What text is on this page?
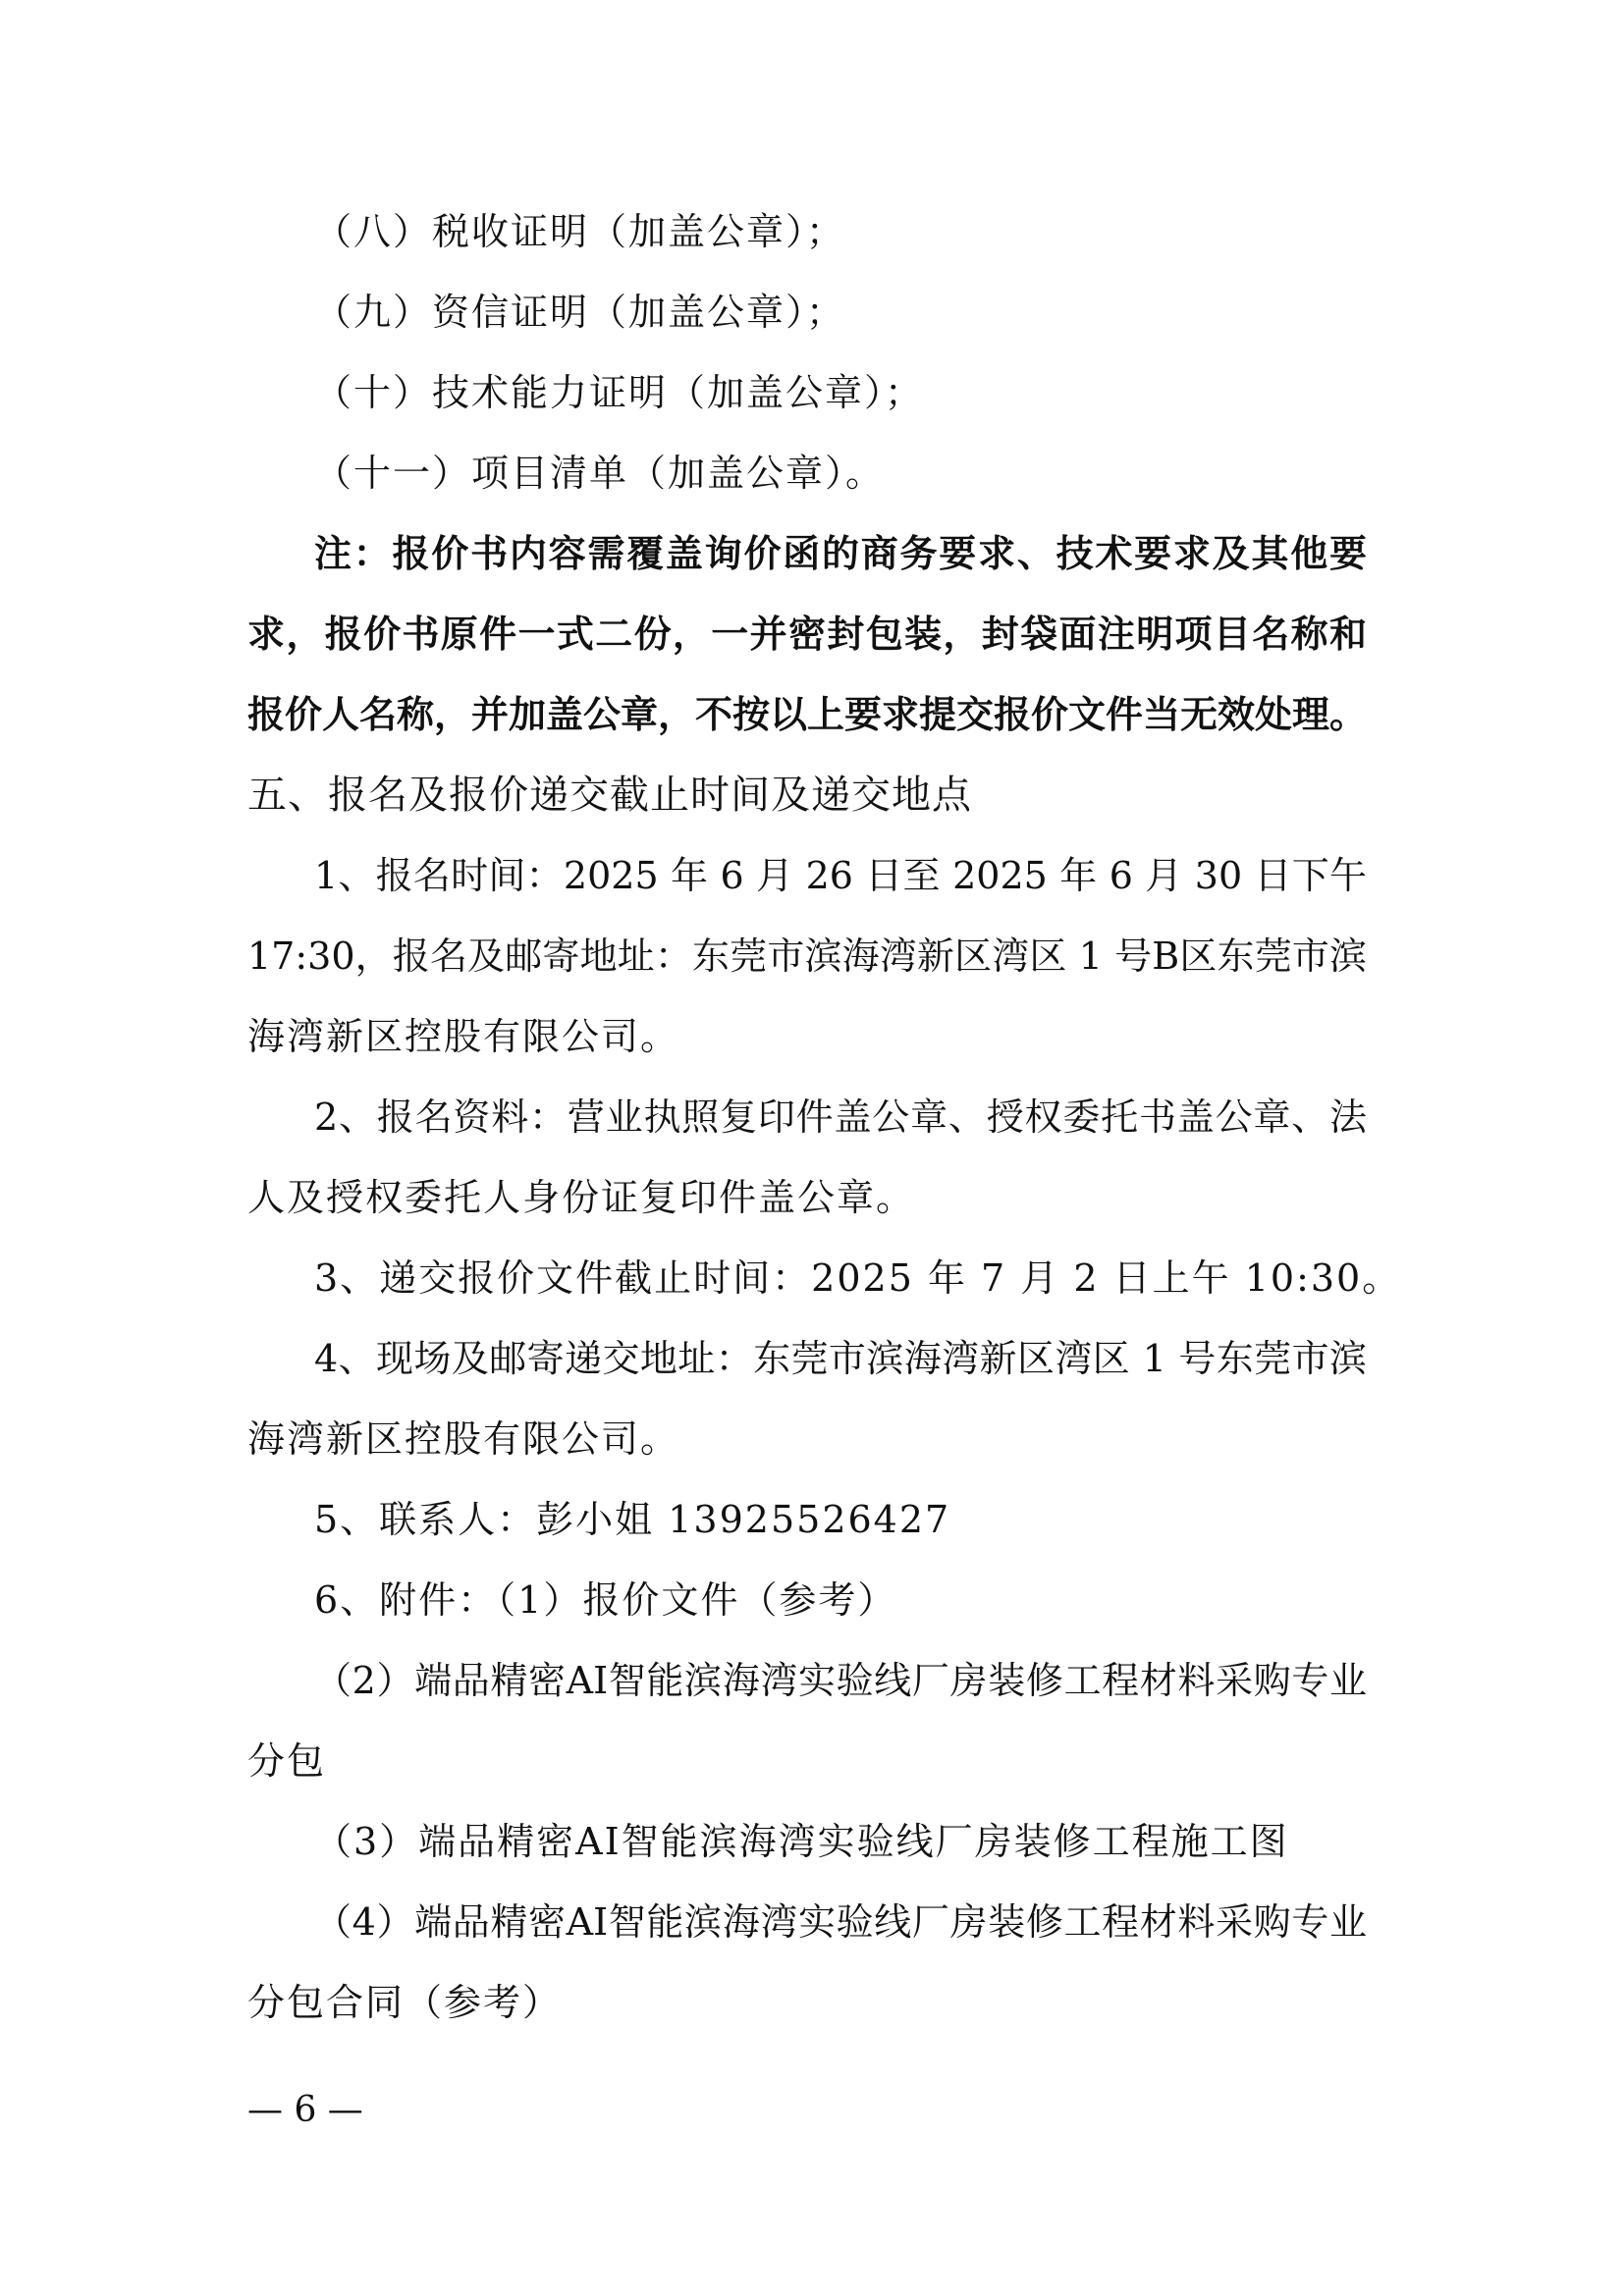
（八）税收证明（加盖公章）；
（九）资信证明（加盖公章）；
（十）技术能力证明（加盖公章）；
（十一）项目清单（加盖公章）。
注：报价书内容需覆盖询价函的商务要求、技术要求及其他要
求，报价书原件一式二份，一并密封包装，封袋面注明项目名称和
报价人名称，并加盖公章，不按以上要求提交报价文件当无效处理。
五、报名及报价递交截止时间及递交地点
1、报名时间：2025 年 6 月 26 日至 2025 年 6 月 30 日下午
17:30，报名及邮寄地址：东莞市滨海湾新区湾区 1 号B区东莞市滨
海湾新区控股有限公司。
2、报名资料：营业执照复印件盖公章、授权委托书盖公章、法
人及授权委托人身份证复印件盖公章。
3、递交报价文件截止时间：2025 年 7 月 2 日上午 10:30。
4、现场及邮寄递交地址：东莞市滨海湾新区湾区 1 号东莞市滨
海湾新区控股有限公司。
5、联系人：彭小姐 13925526427
6、附件：（1）报价文件（参考）
（2）端品精密AI智能滨海湾实验线厂房装修工程材料采购专业
分包
（3）端品精密AI智能滨海湾实验线厂房装修工程施工图
（4）端品精密AI智能滨海湾实验线厂房装修工程材料采购专业
分包合同（参考）
— 6 —
